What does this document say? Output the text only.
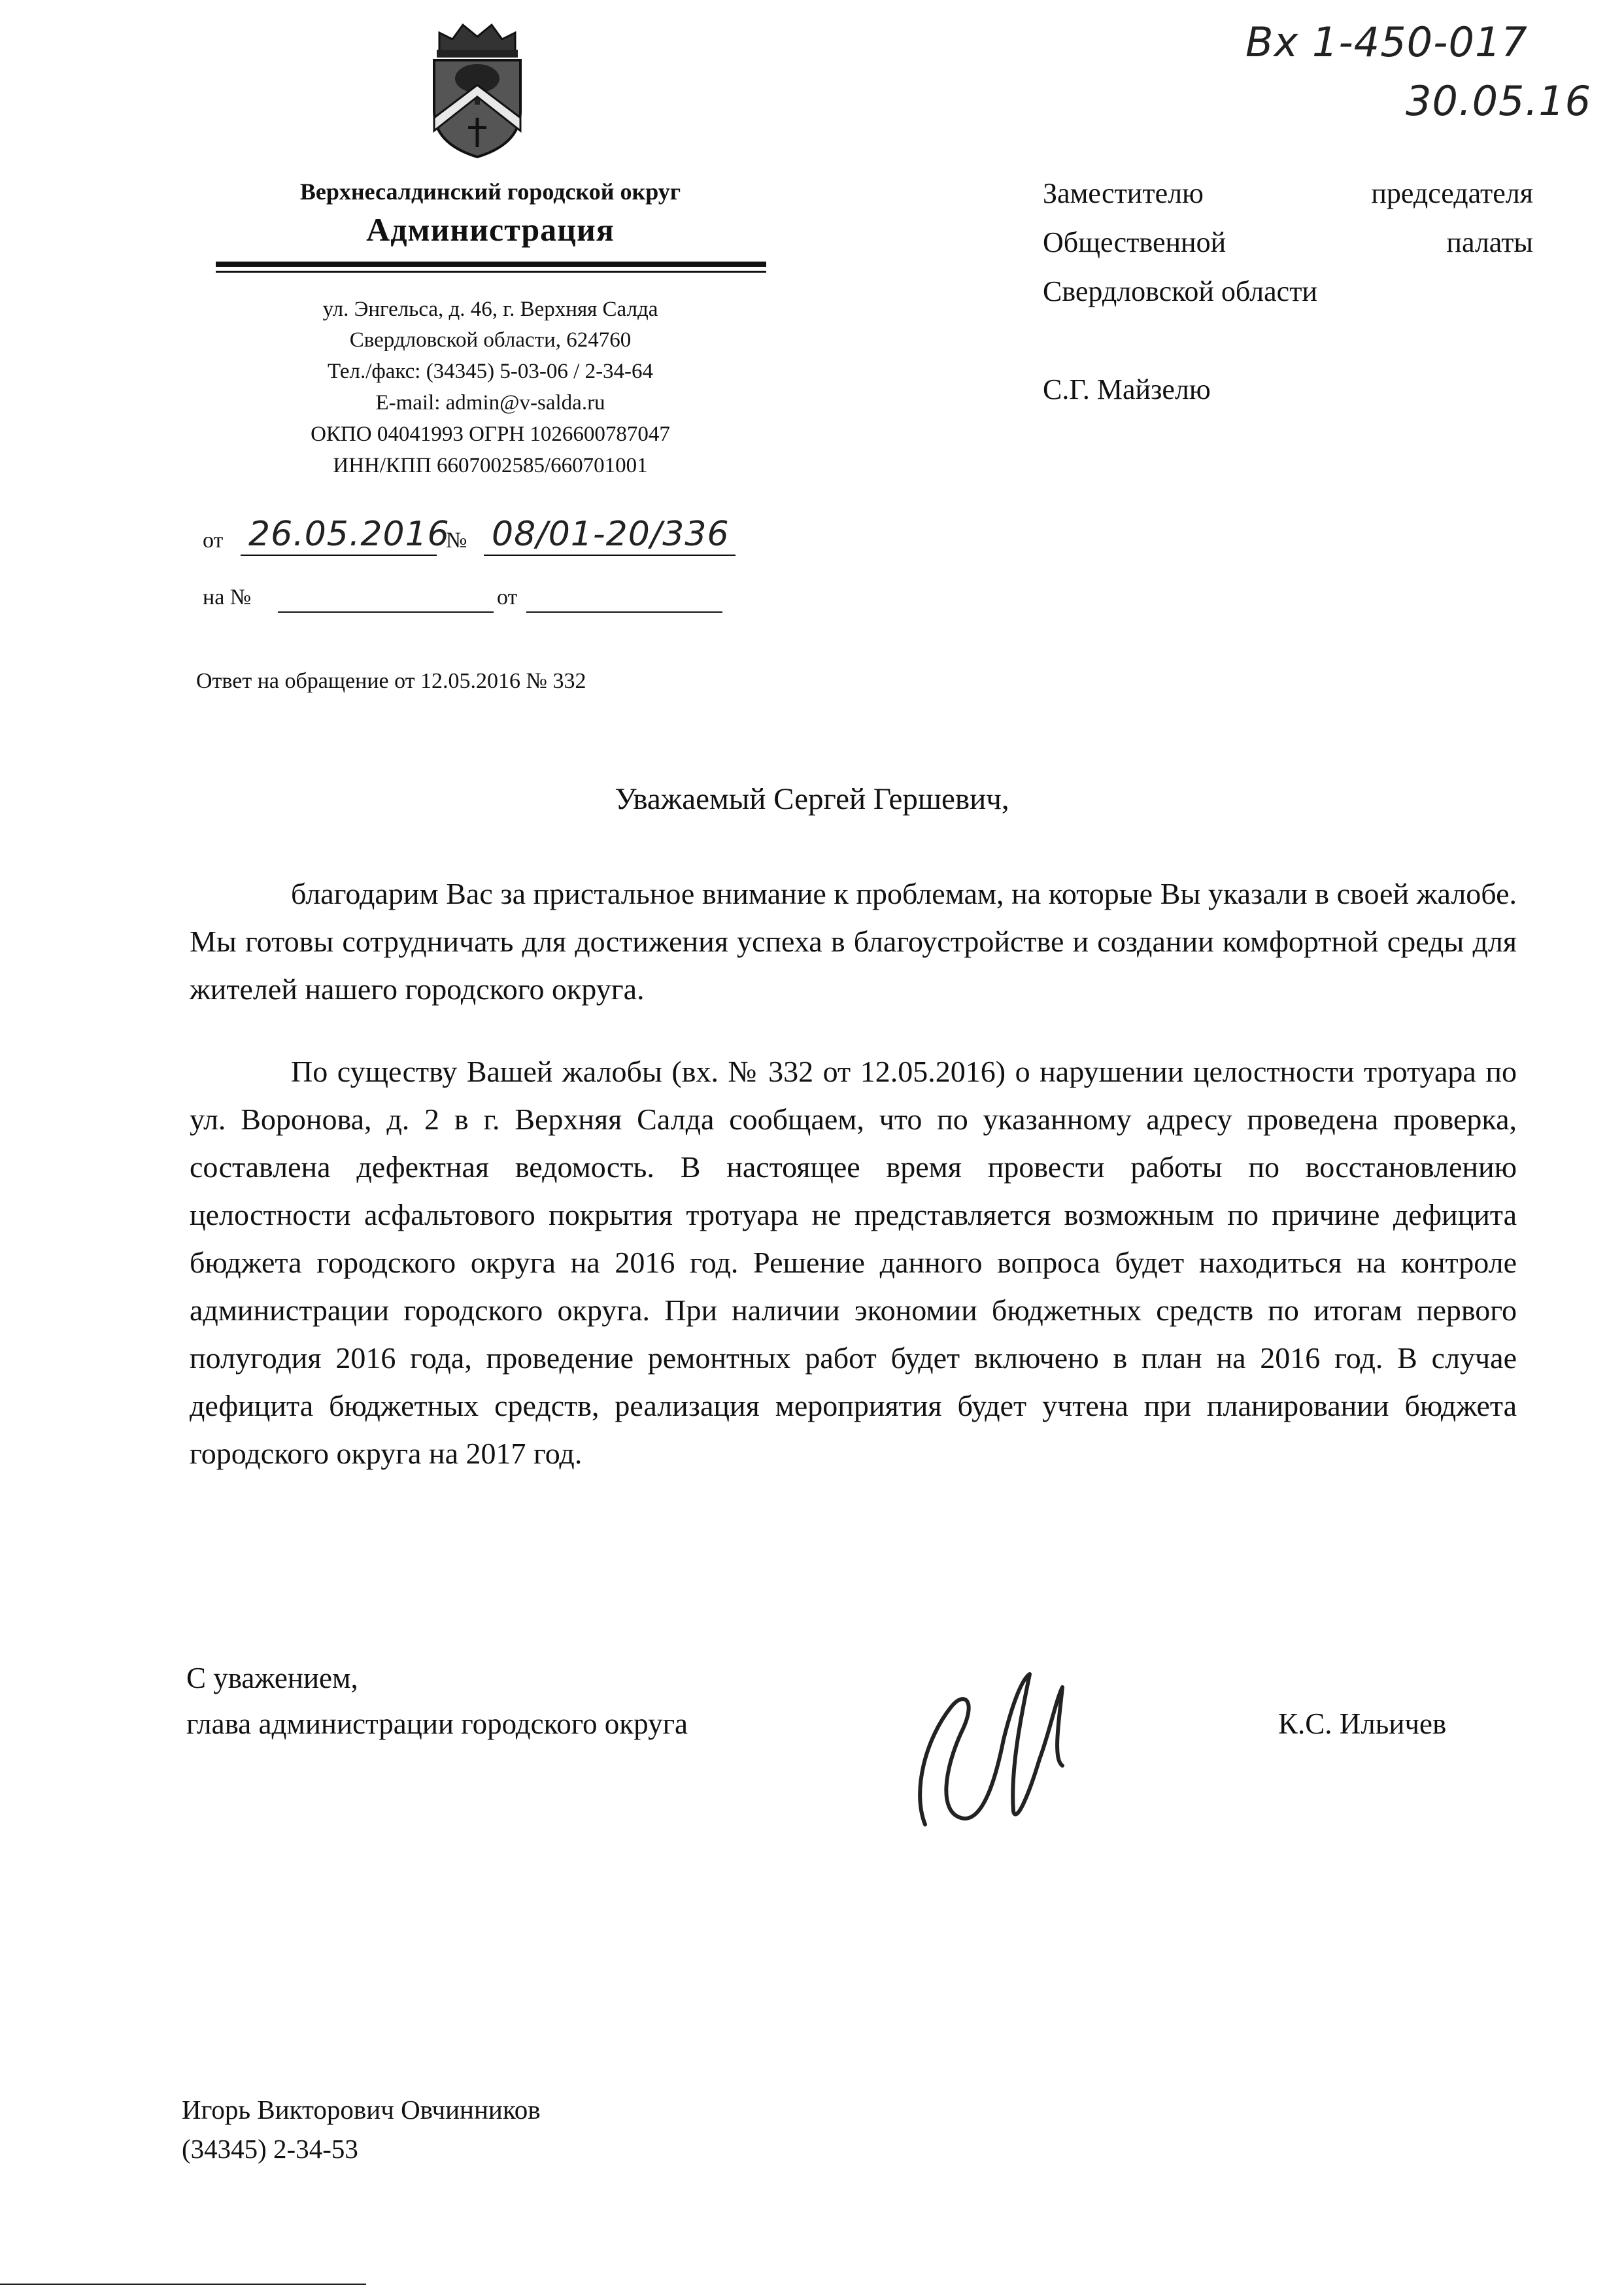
Вх 1-450-017
30.05.16
Верхнесалдинский городской округ
Администрация
ул. Энгельса, д. 46, г. Верхняя Салда
Свердловской области, 624760
Тел./факс: (34345) 5-03-06 / 2-34-64
E-mail: admin@v-salda.ru
ОКПО 04041993 ОГРН 1026600787047
ИНН/КПП 6607002585/660701001
от 26.05.2016
№ 08/01-20/336
на №	от
Ответ на обращение от 12.05.2016 № 332
Заместителю	председателя
Общественной	палаты
Свердловской области
С.Г. Майзелю
Уважаемый Сергей Гершевич,
благодарим Вас за пристальное внимание к проблемам, на которые Вы указали в своей жалобе. Мы готовы сотрудничать для достижения успеха в благоустройстве и создании комфортной среды для жителей нашего городского округа.
По существу Вашей жалобы (вх. № 332 от 12.05.2016) о нарушении целостности тротуара по ул. Воронова, д. 2 в г. Верхняя Салда сообщаем, что по указанному адресу проведена проверка, составлена дефектная ведомость. В настоящее время провести работы по восстановлению целостности асфальтового покрытия тротуара не представляется возможным по причине дефицита бюджета городского округа на 2016 год. Решение данного вопроса будет находиться на контроле администрации городского округа. При наличии экономии бюджетных средств по итогам первого полугодия 2016 года, проведение ремонтных работ будет включено в план на 2016 год. В случае дефицита бюджетных средств, реализация мероприятия будет учтена при планировании бюджета городского округа на 2017 год.
С уважением,
глава администрации городского округа	К.С. Ильичев
Игорь Викторович Овчинников
(34345) 2-34-53
